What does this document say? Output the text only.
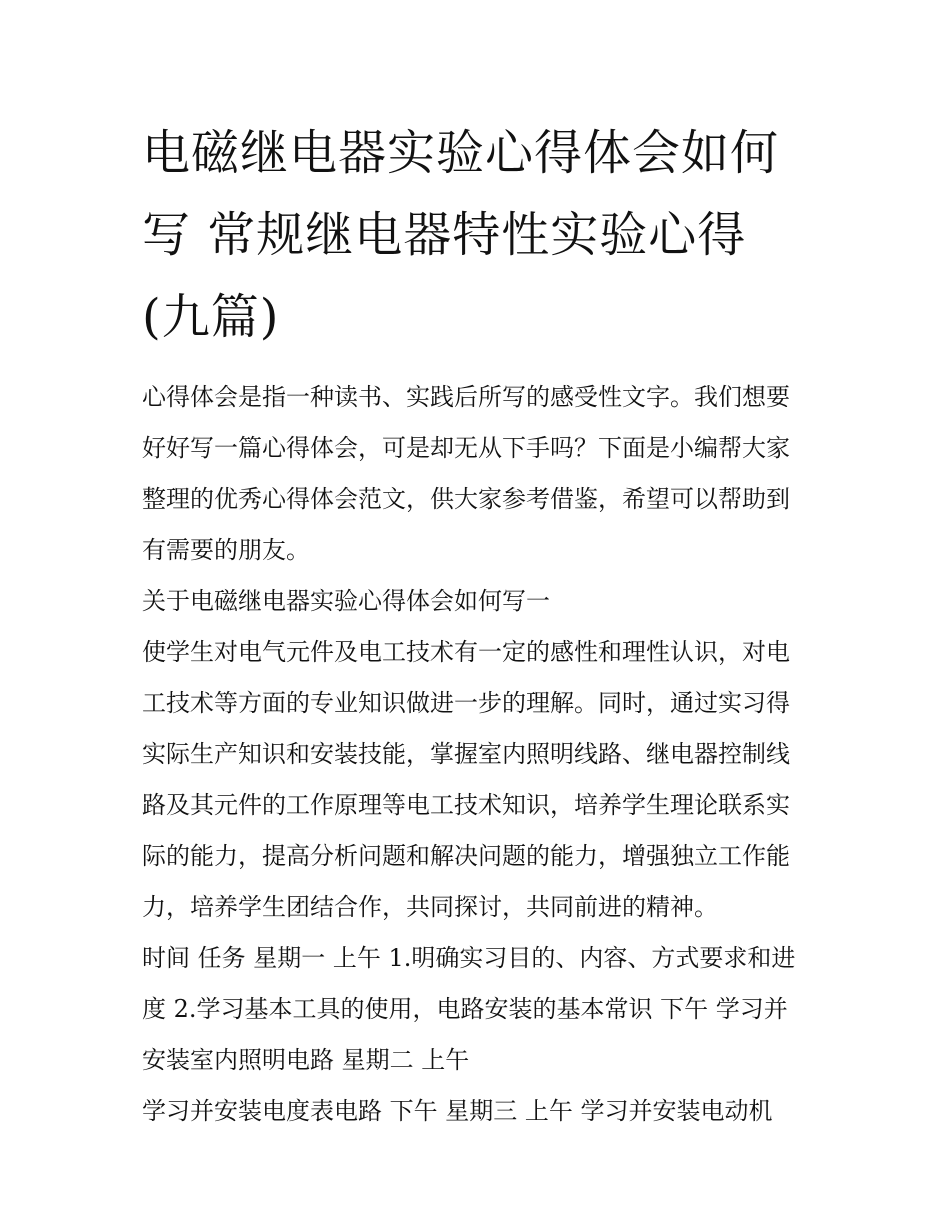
电磁继电器实验心得体会如何
写 常规继电器特性实验心得
(九篇)

心得体会是指一种读书、实践后所写的感受性文字。我们想要
好好写一篇心得体会，可是却无从下手吗？下面是小编帮大家
整理的优秀心得体会范文，供大家参考借鉴，希望可以帮助到
有需要的朋友。

关于电磁继电器实验心得体会如何写一

使学生对电气元件及电工技术有一定的感性和理性认识，对电
工技术等方面的专业知识做进一步的理解。同时，通过实习得
实际生产知识和安装技能，掌握室内照明线路、继电器控制线
路及其元件的工作原理等电工技术知识，培养学生理论联系实
际的能力，提高分析问题和解决问题的能力，增强独立工作能
力，培养学生团结合作，共同探讨，共同前进的精神。

时间 任务 星期一 上午 1.明确实习目的、内容、方式要求和进
度 2.学习基本工具的使用，电路安装的基本常识 下午 学习并
安装室内照明电路 星期二 上午

学习并安装电度表电路 下午 星期三 上午 学习并安装电动机
